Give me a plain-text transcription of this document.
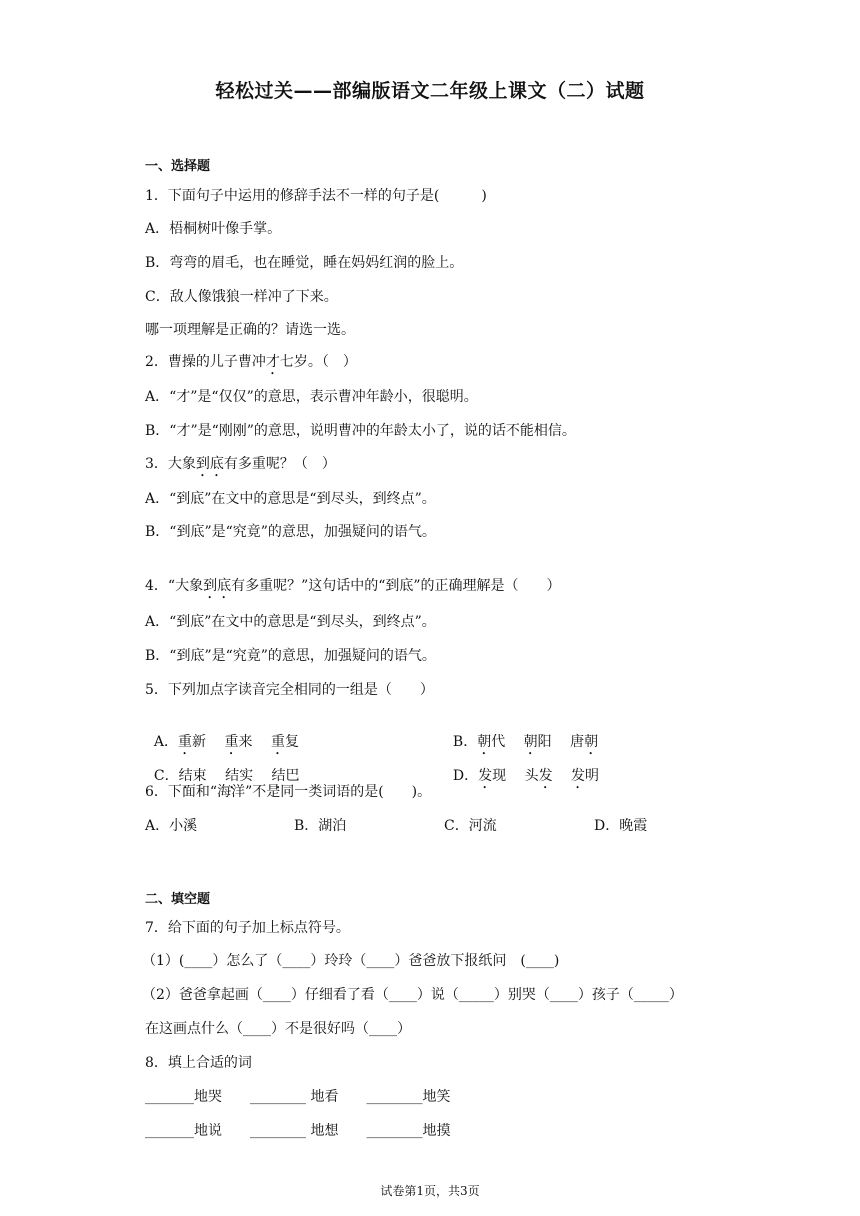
轻松过关——部编版语文二年级上课文（二）试题
一、选择题
1．下面句子中运用的修辞手法不一样的句子是(　　　)
A．梧桐树叶像手掌。
B．弯弯的眉毛，也在睡觉，睡在妈妈红润的脸上。
C．敌人像饿狼一样冲了下来。
哪一项理解是正确的？请选一选。
2．曹操的儿子曹冲才七岁。（　）
A．“才”是“仅仅”的意思，表示曹冲年龄小，很聪明。
B．“才”是“刚刚”的意思，说明曹冲的年龄太小了，说的话不能相信。
3．大象到底有多重呢？（　）
A．“到底”在文中的意思是“到尽头，到终点”。
B．“到底”是“究竟”的意思，加强疑问的语气。
4．“大象到底有多重呢？”这句话中的“到底”的正确理解是（　　）
A．“到底”在文中的意思是“到尽头，到终点”。
B．“到底”是“究竟”的意思，加强疑问的语气。
5．下列加点字读音完全相同的一组是（　　）

A．重新　 重来　 重复	B．朝代　 朝阳　 唐朝

C．结束　 结实　 结巴	D．发现　 头发　 发明

6．下面和“海洋”不是同一类词语的是(　　)。
A．小溪	B．湖泊	C．河流	D．晚霞
二、填空题
7．给下面的句子加上标点符号。
（1）(____）怎么了（____）玲玲（____）爸爸放下报纸问　(____)
（2）爸爸拿起画（____）仔细看了看（____）说（_____）别哭（____）孩子（_____）
在这画点什么（____）不是很好吗（____）
8．填上合适的词
_______地哭　　________ 地看　　________地笑
_______地说　　________ 地想　　________地摸
试卷第1页，共3页
